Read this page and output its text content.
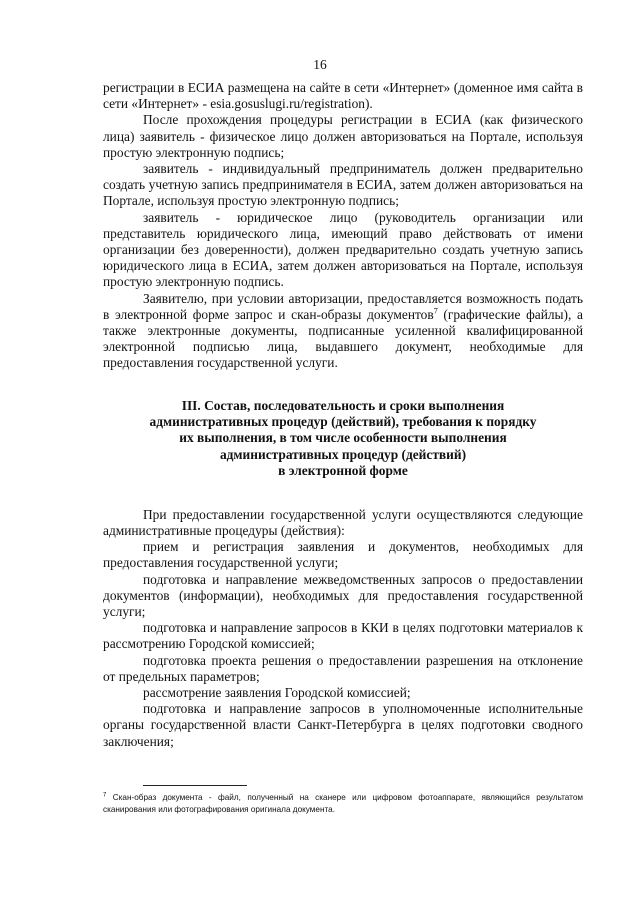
16

регистрации в ЕСИА размещена на сайте в сети «Интернет» (доменное имя сайта в сети «Интернет» - esia.gosuslugi.ru/registration).

После прохождения процедуры регистрации в ЕСИА (как физического лица) заявитель - физическое лицо должен авторизоваться на Портале, используя простую электронную подпись;

заявитель - индивидуальный предприниматель должен предварительно создать учетную запись предпринимателя в ЕСИА, затем должен авторизоваться на Портале, используя простую электронную подпись;

заявитель - юридическое лицо (руководитель организации или представитель юридического лица, имеющий право действовать от имени организации без доверенности), должен предварительно создать учетную запись юридического лица в ЕСИА, затем должен авторизоваться на Портале, используя простую электронную подпись.

Заявителю, при условии авторизации, предоставляется возможность подать в электронной форме запрос и скан-образы документов$^7$ (графические файлы), а также электронные документы, подписанные усиленной квалифицированной электронной подписью лица, выдавшего документ, необходимые для предоставления государственной услуги.

III. Состав, последовательность и сроки выполнения
административных процедур (действий), требования к порядку
их выполнения, в том числе особенности выполнения
административных процедур (действий)
в электронной форме

При предоставлении государственной услуги осуществляются следующие административные процедуры (действия):

прием и регистрация заявления и документов, необходимых для предоставления государственной услуги;

подготовка и направление межведомственных запросов о предоставлении документов (информации), необходимых для предоставления государственной услуги;

подготовка и направление запросов в ККИ в целях подготовки материалов к рассмотрению Городской комиссией;

подготовка проекта решения о предоставлении разрешения на отклонение от предельных параметров;

рассмотрение заявления Городской комиссией;

подготовка и направление запросов в уполномоченные исполнительные органы государственной власти Санкт-Петербурга в целях подготовки сводного заключения;

$^7$ Скан-образ документа - файл, полученный на сканере или цифровом фотоаппарате, являющийся результатом сканирования или фотографирования оригинала документа.
